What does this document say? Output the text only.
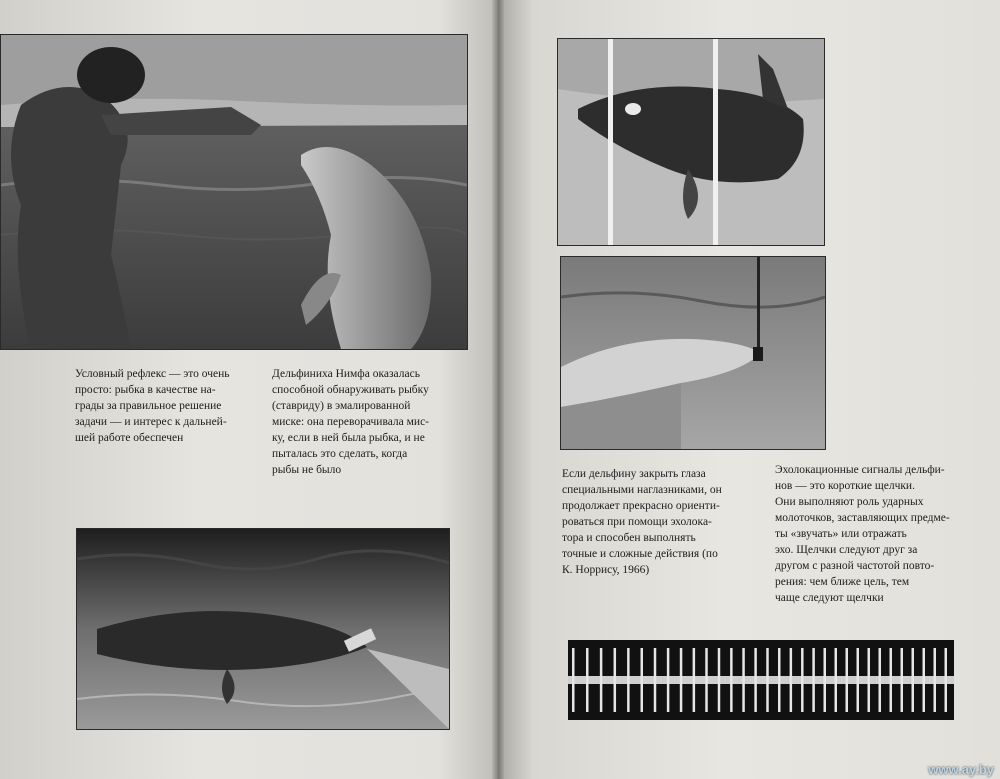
Условный рефлекс — это очень
просто: рыбка в качестве на-
грады за правильное решение
задачи — и интерес к дальней-
шей работе обеспечен

Дельфиниха Нимфа оказалась
способной обнаруживать рыбку
(ставриду) в эмалированной
миске: она переворачивала мис-
ку, если в ней была рыбка, и не
пыталась это сделать, когда
рыбы не было	Если дельфину закрыть глаза
специальными наглазниками, он
продолжает прекрасно ориенти-
роваться при помощи эхолока-
тора и способен выполнять
точные и сложные действия (по
К. Норрису, 1966)

Эхолокационные сигналы дельфи-
нов — это короткие щелчки.
Они выполняют роль ударных
молоточков, заставляющих предме-
ты «звучать» или отражать
эхо. Щелчки следуют друг за
другом с разной частотой повто-
рения: чем ближе цель, тем
чаще следуют щелчки

www.ay.by
